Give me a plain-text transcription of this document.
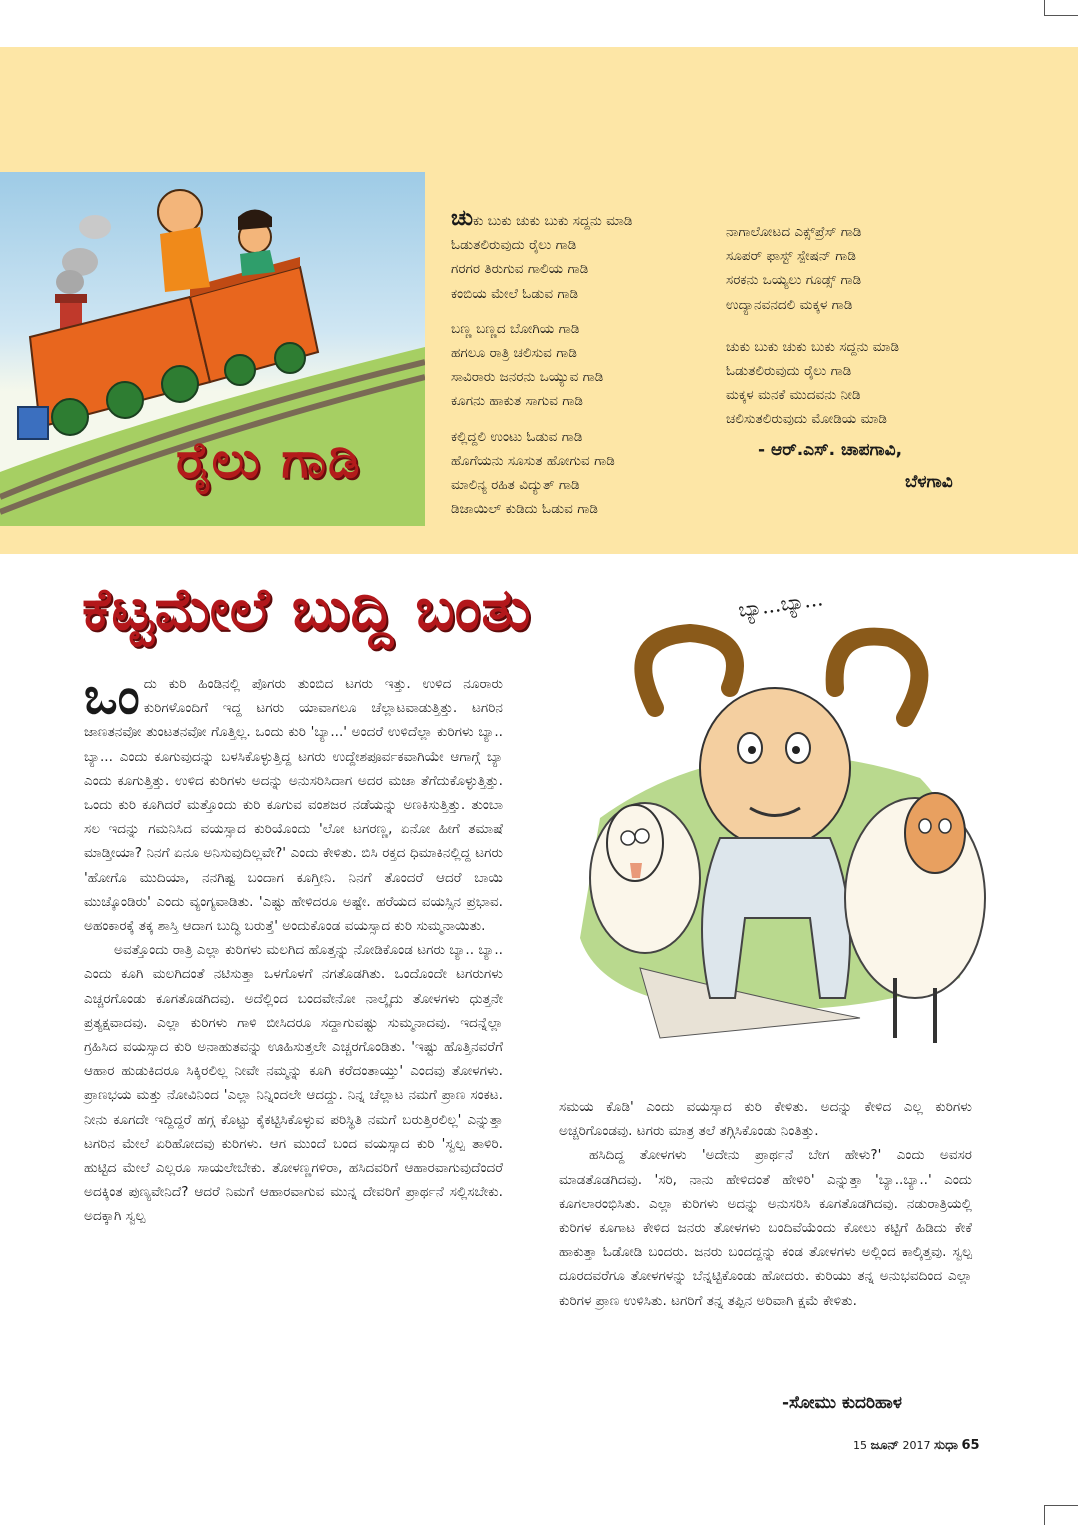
ರೈಲು ಗಾಡಿ
ಚುಕು ಬುಕು ಚುಕು ಬುಕು ಸದ್ದನು ಮಾಡಿ
ಓಡುತಲಿರುವುದು ರೈಲು ಗಾಡಿ
ಗರಗರ ತಿರುಗುವ ಗಾಲಿಯ ಗಾಡಿ
ಕಂಬಿಯ ಮೇಲೆ ಓಡುವ ಗಾಡಿ
ಬಣ್ಣ ಬಣ್ಣದ ಬೋಗಿಯ ಗಾಡಿ
ಹಗಲೂ ರಾತ್ರಿ ಚಲಿಸುವ ಗಾಡಿ
ಸಾವಿರಾರು ಜನರನು ಒಯ್ಯುವ ಗಾಡಿ
ಕೂಗನು ಹಾಕುತ ಸಾಗುವ ಗಾಡಿ
ಕಲ್ಲಿದ್ದಲಿ ಉಂಟು ಓಡುವ ಗಾಡಿ
ಹೊಗೆಯನು ಸೂಸುತ ಹೋಗುವ ಗಾಡಿ
ಮಾಲಿನ್ಯ ರಹಿತ ವಿದ್ಯುತ್ ಗಾಡಿ
ಡಿಜಾಯಿಲ್ ಕುಡಿದು ಓಡುವ ಗಾಡಿ
ನಾಗಾಲೋಟದ ಎಕ್ಸ್‌ಪ್ರೆಸ್ ಗಾಡಿ
ಸೂಪರ್ ಫಾಸ್ಟ್ ಸ್ಪೇಷನ್ ಗಾಡಿ
ಸರಕನು ಒಯ್ಯಲು ಗೂಡ್ಸ್ ಗಾಡಿ
ಉದ್ಯಾನವನದಲಿ ಮಕ್ಕಳ ಗಾಡಿ
ಚುಕು ಬುಕು ಚುಕು ಬುಕು ಸದ್ದನು ಮಾಡಿ
ಓಡುತಲಿರುವುದು ರೈಲು ಗಾಡಿ
ಮಕ್ಕಳ ಮನಕೆ ಮುದವನು ನೀಡಿ
ಚಲಿಸುತಲಿರುವುದು ಮೋಡಿಯ ಮಾಡಿ
- ಆರ್.ಎಸ್. ಚಾಪಗಾವಿ,
ಬೆಳಗಾವಿ
ಕೆಟ್ಟಮೇಲೆ ಬುದ್ದಿ ಬಂತು	ಬ್ಯಾ...ಬ್ಯಾ...

ಒಂದು ಕುರಿ ಹಿಂಡಿನಲ್ಲಿ ಪೊಗರು ತುಂಬಿದ ಟಗರು ಇತ್ತು. ಉಳಿದ ನೂರಾರು ಕುರಿಗಳೊಂದಿಗೆ ಇದ್ದ ಟಗರು ಯಾವಾಗಲೂ ಚೆಲ್ಲಾಟವಾಡುತ್ತಿತ್ತು. ಟಗರಿನ ಜಾಣತನವೋ ತುಂಟತನವೋ ಗೊತ್ತಿಲ್ಲ. ಒಂದು ಕುರಿ 'ಬ್ಯಾ...' ಅಂದರೆ ಉಳಿದೆಲ್ಲಾ ಕುರಿಗಳು ಬ್ಯಾ.. ಬ್ಯಾ... ಎಂದು ಕೂಗುವುದನ್ನು ಬಳಸಿಕೊಳ್ಳುತ್ತಿದ್ದ ಟಗರು ಉದ್ದೇಶಪೂರ್ವಕವಾಗಿಯೇ ಆಗಾಗ್ಗೆ ಬ್ಯಾ ಎಂದು ಕೂಗುತ್ತಿತ್ತು. ಉಳಿದ ಕುರಿಗಳು ಅದನ್ನು ಅನುಸರಿಸಿದಾಗ ಅದರ ಮಜಾ ತೆಗೆದುಕೊಳ್ಳುತ್ತಿತ್ತು. ಒಂದು ಕುರಿ ಕೂಗಿದರೆ ಮತ್ತೊಂದು ಕುರಿ ಕೂಗುವ ವಂಶಜರ ನಡೆಯನ್ನು ಅಣಕಿಸುತ್ತಿತ್ತು. ತುಂಬಾ ಸಲ ಇದನ್ನು ಗಮನಿಸಿದ ವಯಸ್ಸಾದ ಕುರಿಯೊಂದು 'ಲೋ ಟಗರಣ್ಣ, ಏನೋ ಹೀಗೆ ತಮಾಷೆ ಮಾಡ್ತೀಯಾ? ನಿನಗೆ ಏನೂ ಅನಿಸುವುದಿಲ್ಲವೇ?' ಎಂದು ಕೇಳಿತು. ಬಿಸಿ ರಕ್ತದ ಧಿಮಾಕಿನಲ್ಲಿದ್ದ ಟಗರು 'ಹೋಗೊ ಮುದಿಯಾ, ನನಗಿಷ್ಟ ಬಂದಾಗ ಕೂಗ್ತೀನಿ. ನಿನಗೆ ತೊಂದರೆ ಆದರೆ ಬಾಯಿ ಮುಚ್ಕೊಂಡಿರು' ಎಂದು ವ್ಯಂಗ್ಯವಾಡಿತು. 'ಎಷ್ಟು ಹೇಳಿದರೂ ಅಷ್ಟೇ. ಹರೆಯದ ವಯಸ್ಸಿನ ಪ್ರಭಾವ. ಅಹಂಕಾರಕ್ಕೆ ತಕ್ಕ ಶಾಸ್ತಿ ಆದಾಗ ಬುದ್ಧಿ ಬರುತ್ತೆ' ಅಂದುಕೊಂಡ ವಯಸ್ಸಾದ ಕುರಿ ಸುಮ್ಮನಾಯಿತು.

ಅವತ್ತೊಂದು ರಾತ್ರಿ ಎಲ್ಲಾ ಕುರಿಗಳು ಮಲಗಿದ ಹೊತ್ತನ್ನು ನೋಡಿಕೊಂಡ ಟಗರು ಬ್ಯಾ.. ಬ್ಯಾ.. ಎಂದು ಕೂಗಿ ಮಲಗಿದಂತೆ ನಟಿಸುತ್ತಾ ಒಳಗೊಳಗೆ ನಗತೊಡಗಿತು. ಒಂದೊಂದೇ ಟಗರುಗಳು ಎಚ್ಚರಗೊಂಡು ಕೂಗತೊಡಗಿದವು. ಅದೆಲ್ಲಿಂದ ಬಂದವೇನೋ ನಾಲ್ಕೈದು ತೋಳಗಳು ಧುತ್ತನೇ ಪ್ರತ್ಯಕ್ಷವಾದವು. ಎಲ್ಲಾ ಕುರಿಗಳು ಗಾಳಿ ಬೀಸಿದರೂ ಸದ್ದಾಗುವಷ್ಟು ಸುಮ್ಮನಾದವು. ಇದನ್ನೆಲ್ಲಾ ಗ್ರಹಿಸಿದ ವಯಸ್ಸಾದ ಕುರಿ ಅನಾಹುತವನ್ನು ಊಹಿಸುತ್ತಲೇ ಎಚ್ಚರಗೊಂಡಿತು. 'ಇಷ್ಟು ಹೊತ್ತಿನವರೆಗೆ ಆಹಾರ ಹುಡುಕಿದರೂ ಸಿಕ್ಕಿರಲಿಲ್ಲ ನೀವೇ ನಮ್ಮನ್ನು ಕೂಗಿ ಕರೆದಂತಾಯ್ತು' ಎಂದವು ತೋಳಗಳು. ಪ್ರಾಣಭಯ ಮತ್ತು ನೋವಿನಿಂದ 'ಎಲ್ಲಾ ನಿನ್ನಿಂದಲೇ ಆದದ್ದು. ನಿನ್ನ ಚೆಲ್ಲಾಟ ನಮಗೆ ಪ್ರಾಣ ಸಂಕಟ. ನೀನು ಕೂಗದೇ ಇದ್ದಿದ್ದರೆ ಹಗ್ಗ ಕೊಟ್ಟು ಕೈಕಟ್ಟಿಸಿಕೊಳ್ಳುವ ಪರಿಸ್ಥಿತಿ ನಮಗೆ ಬರುತ್ತಿರಲಿಲ್ಲ' ಎನ್ನುತ್ತಾ ಟಗರಿನ ಮೇಲೆ ಏರಿಹೋದವು ಕುರಿಗಳು. ಆಗ ಮುಂದೆ ಬಂದ ವಯಸ್ಸಾದ ಕುರಿ 'ಸ್ವಲ್ಪ ತಾಳಿರಿ. ಹುಟ್ಟಿದ ಮೇಲೆ ಎಲ್ಲರೂ ಸಾಯಲೇಬೇಕು. ತೋಳಣ್ಣಗಳಿರಾ, ಹಸಿದವರಿಗೆ ಆಹಾರವಾಗುವುದೆಂದರೆ ಅದಕ್ಕಿಂತ ಪುಣ್ಯವೇನಿದೆ? ಆದರೆ ನಿಮಗೆ ಆಹಾರವಾಗುವ ಮುನ್ನ ದೇವರಿಗೆ ಪ್ರಾರ್ಥನೆ ಸಲ್ಲಿಸಬೇಕು. ಅದಕ್ಕಾಗಿ ಸ್ವಲ್ಪ

ಸಮಯ ಕೊಡಿ' ಎಂದು ವಯಸ್ಸಾದ ಕುರಿ ಕೇಳಿತು. ಅದನ್ನು ಕೇಳಿದ ಎಲ್ಲ ಕುರಿಗಳು ಅಚ್ಚರಿಗೊಂಡವು. ಟಗರು ಮಾತ್ರ ತಲೆ ತಗ್ಗಿಸಿಕೊಂಡು ನಿಂತಿತ್ತು.

ಹಸಿದಿದ್ದ ತೋಳಗಳು 'ಅದೇನು ಪ್ರಾರ್ಥನೆ ಬೇಗ ಹೇಳು?' ಎಂದು ಅವಸರ ಮಾಡತೊಡಗಿದವು. 'ಸರಿ, ನಾನು ಹೇಳಿದಂತೆ ಹೇಳಿರಿ' ಎನ್ನುತ್ತಾ 'ಬ್ಯಾ..ಬ್ಯಾ..' ಎಂದು ಕೂಗಲಾರಂಭಿಸಿತು. ಎಲ್ಲಾ ಕುರಿಗಳು ಅದನ್ನು ಅನುಸರಿಸಿ ಕೂಗತೊಡಗಿದವು. ನಡುರಾತ್ರಿಯಲ್ಲಿ ಕುರಿಗಳ ಕೂಗಾಟ ಕೇಳಿದ ಜನರು ತೋಳಗಳು ಬಂದಿವೆಯೆಂದು ಕೋಲು ಕಟ್ಟಿಗೆ ಹಿಡಿದು ಕೇಕೆ ಹಾಕುತ್ತಾ ಓಡೋಡಿ ಬಂದರು. ಜನರು ಬಂದದ್ದನ್ನು ಕಂಡ ತೋಳಗಳು ಅಲ್ಲಿಂದ ಕಾಲ್ಕಿತ್ತವು. ಸ್ವಲ್ಪ ದೂರದವರೆಗೂ ತೋಳಗಳನ್ನು ಬೆನ್ನಟ್ಟಿಕೊಂಡು ಹೋದರು. ಕುರಿಯು ತನ್ನ ಅನುಭವದಿಂದ ಎಲ್ಲಾ ಕುರಿಗಳ ಪ್ರಾಣ ಉಳಿಸಿತು. ಟಗರಿಗೆ ತನ್ನ ತಪ್ಪಿನ ಅರಿವಾಗಿ ಕ್ಷಮೆ ಕೇಳಿತು.

-ಸೋಮು ಕುದರಿಹಾಳ
15 ಜೂನ್ 2017 ಸುಧಾ 65
